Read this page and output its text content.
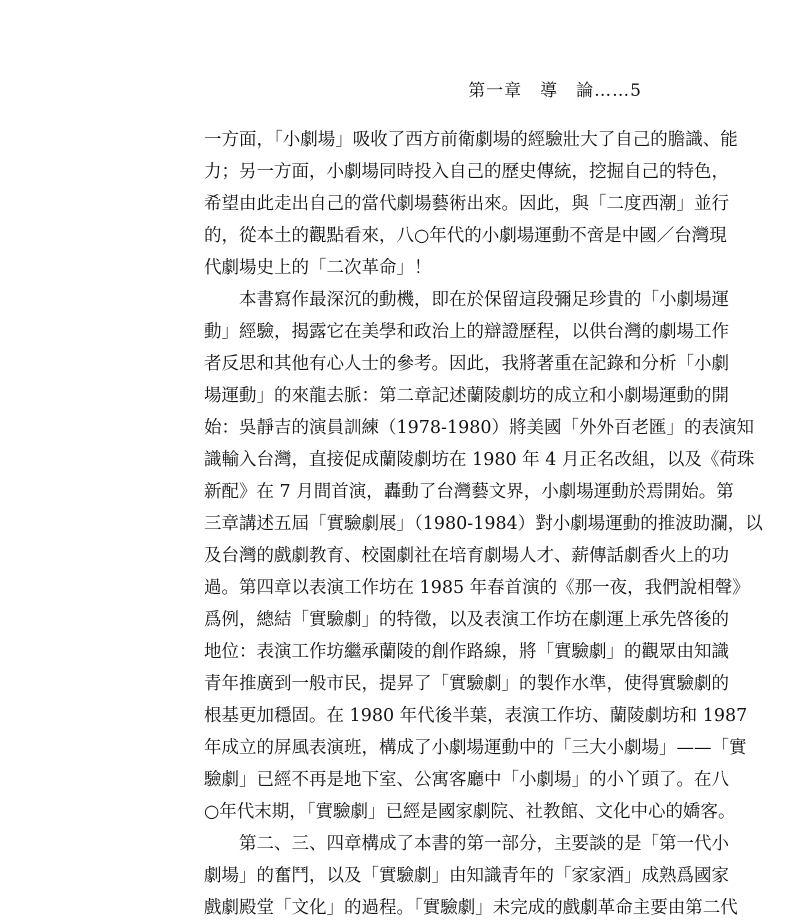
第一章　導　論……5
一方面，「小劇場」吸收了西方前衛劇場的經驗壯大了自己的膽識、能
力；另一方面，小劇場同時投入自己的歷史傳統，挖掘自己的特色，
希望由此走出自己的當代劇場藝術出來。因此，與「二度西潮」並行
的，從本土的觀點看來，八○年代的小劇場運動不啻是中國／台灣現
代劇場史上的「二次革命」！
本書寫作最深沉的動機，即在於保留這段彌足珍貴的「小劇場運
動」經驗，揭露它在美學和政治上的辯證歷程，以供台灣的劇場工作
者反思和其他有心人士的參考。因此，我將著重在記錄和分析「小劇
場運動」的來龍去脈：第二章記述蘭陵劇坊的成立和小劇場運動的開
始：吳靜吉的演員訓練（1978-1980）將美國「外外百老匯」的表演知
識輸入台灣，直接促成蘭陵劇坊在 1980 年 4 月正名改組，以及《荷珠
新配》在 7 月間首演，轟動了台灣藝文界，小劇場運動於焉開始。第
三章講述五屆「實驗劇展」（1980-1984）對小劇場運動的推波助瀾，以
及台灣的戲劇教育、校園劇社在培育劇場人才、薪傳話劇香火上的功
過。第四章以表演工作坊在 1985 年春首演的《那一夜，我們說相聲》
爲例，總結「實驗劇」的特徵，以及表演工作坊在劇運上承先啓後的
地位：表演工作坊繼承蘭陵的創作路線，將「實驗劇」的觀眾由知識
青年推廣到一般市民，提昇了「實驗劇」的製作水準，使得實驗劇的
根基更加穩固。在 1980 年代後半葉，表演工作坊、蘭陵劇坊和 1987
年成立的屏風表演班，構成了小劇場運動中的「三大小劇場」——「實
驗劇」已經不再是地下室、公寓客廳中「小劇場」的小丫頭了。在八
○年代末期，「實驗劇」已經是國家劇院、社教館、文化中心的嬌客。
第二、三、四章構成了本書的第一部分，主要談的是「第一代小
劇場」的奮鬥，以及「實驗劇」由知識青年的「家家酒」成熟爲國家
戲劇殿堂「文化」的過程。「實驗劇」未完成的戲劇革命主要由第二代
